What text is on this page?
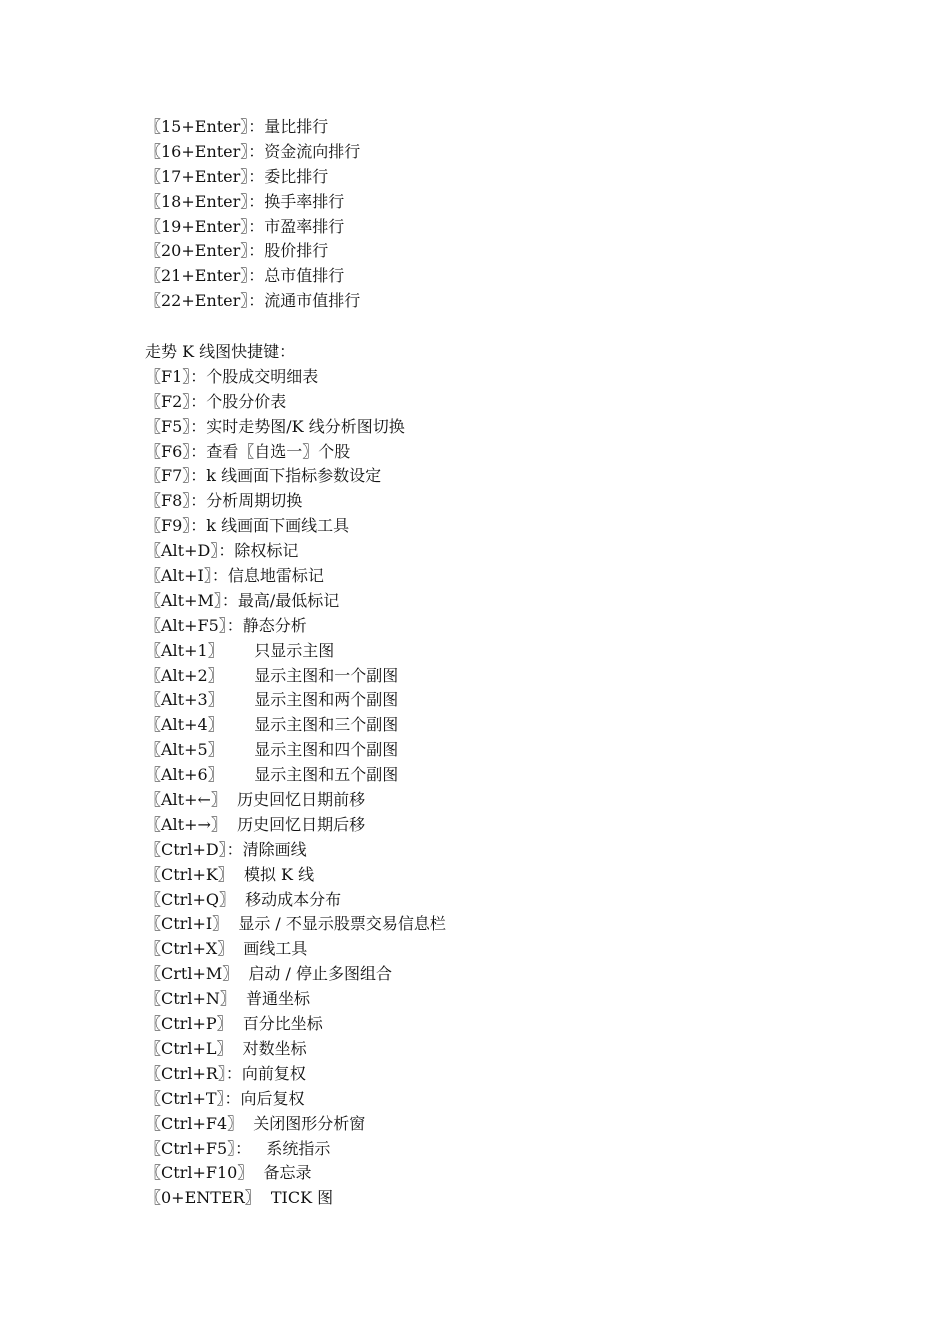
〖15+Enter〗：量比排行
〖16+Enter〗：资金流向排行
〖17+Enter〗：委比排行
〖18+Enter〗：换手率排行
〖19+Enter〗：市盈率排行
〖20+Enter〗：股价排行
〖21+Enter〗：总市值排行
〖22+Enter〗：流通市值排行
走势 K 线图快捷键：
〖F1〗：个股成交明细表
〖F2〗：个股分价表
〖F5〗：实时走势图/K 线分析图切换
〖F6〗：查看〖自选一〗个股
〖F7〗：k 线画面下指标参数设定
〖F8〗：分析周期切换
〖F9〗：k 线画面下画线工具
〖Alt+D〗：除权标记
〖Alt+I〗：信息地雷标记
〖Alt+M〗：最高/最低标记
〖Alt+F5〗：静态分析
〖Alt+1〗      只显示主图
〖Alt+2〗      显示主图和一个副图
〖Alt+3〗      显示主图和两个副图
〖Alt+4〗      显示主图和三个副图
〖Alt+5〗      显示主图和四个副图
〖Alt+6〗      显示主图和五个副图
〖Alt+←〗  历史回忆日期前移
〖Alt+→〗  历史回忆日期后移
〖Ctrl+D〗：清除画线
〖Ctrl+K〗  模拟 K 线
〖Ctrl+Q〗  移动成本分布
〖Ctrl+I〗  显示 / 不显示股票交易信息栏
〖Ctrl+X〗  画线工具
〖Crtl+M〗  启动 / 停止多图组合
〖Ctrl+N〗  普通坐标
〖Ctrl+P〗  百分比坐标
〖Ctrl+L〗  对数坐标
〖Ctrl+R〗：向前复权
〖Ctrl+T〗：向后复权
〖Ctrl+F4〗  关闭图形分析窗
〖Ctrl+F5〗：   系统指示
〖Ctrl+F10〗  备忘录
〖0+ENTER〗  TICK 图
